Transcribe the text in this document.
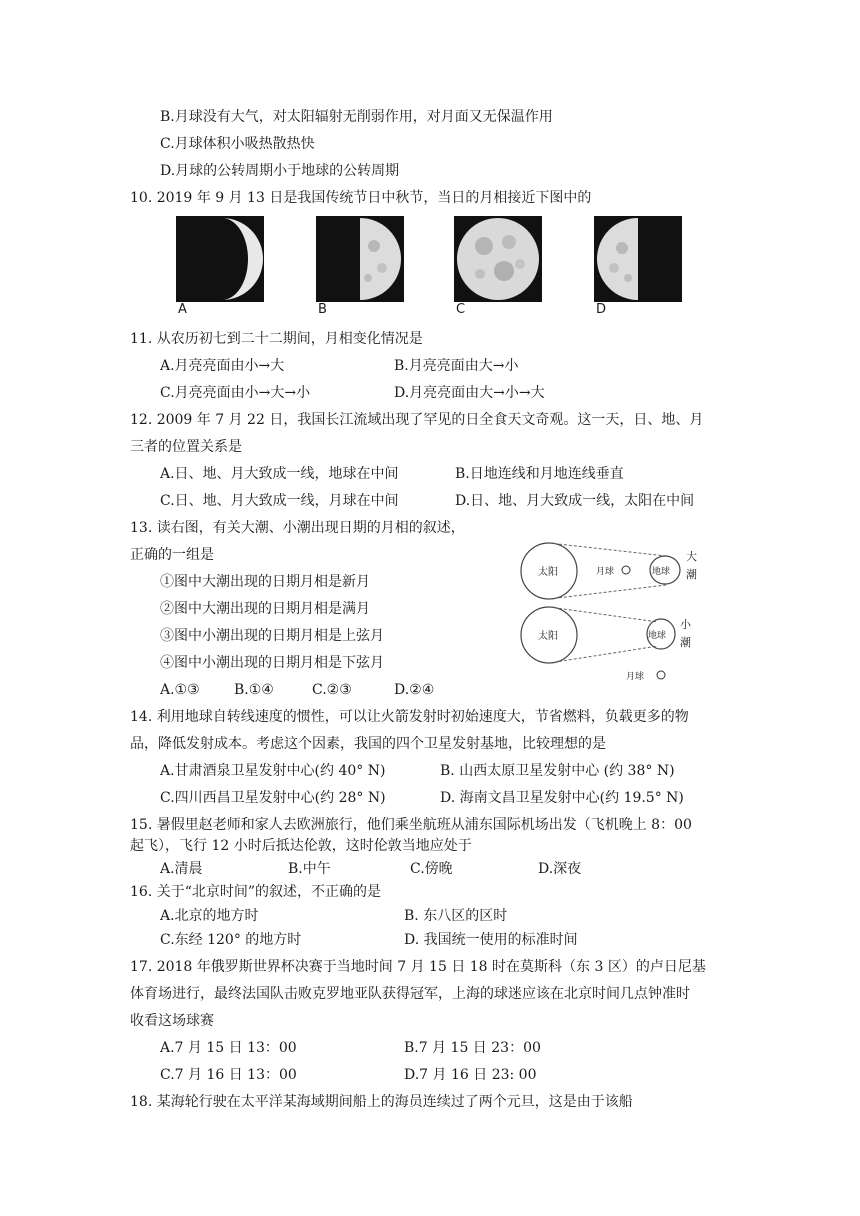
B.月球没有大气，对太阳辐射无削弱作用，对月面又无保温作用
C.月球体积小吸热散热快
D.月球的公转周期小于地球的公转周期
10. 2019 年 9 月 13 日是我国传统节日中秋节，当日的月相接近下图中的
A	B	C	D
11. 从农历初七到二十二期间，月相变化情况是
A.月亮亮面由小→大	B.月亮亮面由大→小
C.月亮亮面由小→大→小	D.月亮亮面由大→小→大
12. 2009 年 7 月 22 日，我国长江流域出现了罕见的日全食天文奇观。这一天，日、地、月
三者的位置关系是
A.日、地、月大致成一线，地球在中间	B.日地连线和月地连线垂直
C.日、地、月大致成一线，月球在中间	D.日、地、月大致成一线，太阳在中间
13. 读右图，有关大潮、小潮出现日期的月相的叙述，
正确的一组是
①图中大潮出现的日期月相是新月
②图中大潮出现的日期月相是满月
③图中小潮出现的日期月相是上弦月
④图中小潮出现的日期月相是下弦月
A.①③ B.①④	C.②③	D.②④
太阳	地球
月球
大
潮
太阳	地球
月球
小
潮
14. 利用地球自转线速度的惯性，可以让火箭发射时初始速度大，节省燃料，负载更多的物
品，降低发射成本。考虑这个因素，我国的四个卫星发射基地，比较理想的是
A.甘肃酒泉卫星发射中心(约 40° N)	B. 山西太原卫星发射中心 (约 38° N)
C.四川西昌卫星发射中心(约 28° N)	D. 海南文昌卫星发射中心(约 19.5° N)
15. 暑假里赵老师和家人去欧洲旅行，他们乘坐航班从浦东国际机场出发（飞机晚上 8：00
起飞），飞行 12 小时后抵达伦敦，这时伦敦当地应处于
A.清晨	B.中午	C.傍晚	D.深夜
16. 关于“北京时间”的叙述，不正确的是
A.北京的地方时	B. 东八区的区时
C.东经 120° 的地方时	D. 我国统一使用的标准时间
17. 2018 年俄罗斯世界杯决赛于当地时间 7 月 15 日 18 时在莫斯科（东 3 区）的卢日尼基
体育场进行，最终法国队击败克罗地亚队获得冠军，上海的球迷应该在北京时间几点钟准时
收看这场球赛
A.7 月 15 日 13：00	B.7 月 15 日 23：00
C.7 月 16 日 13：00	D.7 月 16 日 23: 00
18. 某海轮行驶在太平洋某海域期间船上的海员连续过了两个元旦，这是由于该船
